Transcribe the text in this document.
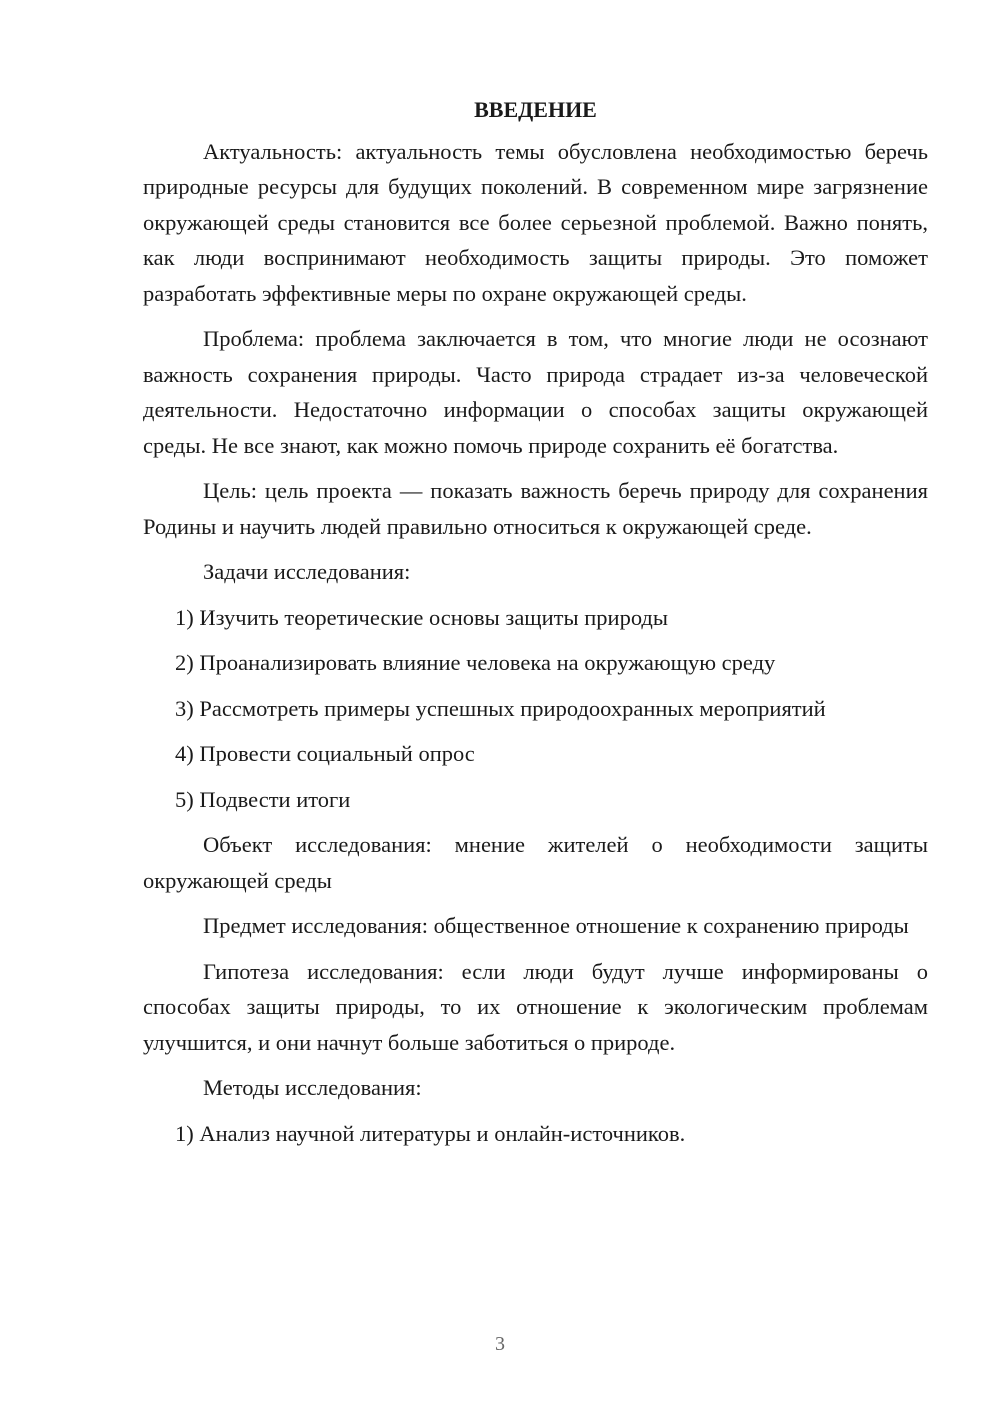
ВВЕДЕНИЕ

Актуальность: актуальность темы обусловлена необходимостью беречь природные ресурсы для будущих поколений. В современном мире загрязнение окружающей среды становится все более серьезной проблемой. Важно понять, как люди воспринимают необходимость защиты природы. Это поможет разработать эффективные меры по охране окружающей среды.

Проблема: проблема заключается в том, что многие люди не осознают важность сохранения природы. Часто природа страдает из-за человеческой деятельности. Недостаточно информации о способах защиты окружающей среды. Не все знают, как можно помочь природе сохранить её богатства.

Цель: цель проекта — показать важность беречь природу для сохранения Родины и научить людей правильно относиться к окружающей среде.

Задачи исследования:

1) Изучить теоретические основы защиты природы
2) Проанализировать влияние человека на окружающую среду
3) Рассмотреть примеры успешных природоохранных мероприятий
4) Провести социальный опрос
5) Подвести итоги

Объект исследования: мнение жителей о необходимости защиты окружающей среды

Предмет исследования: общественное отношение к сохранению природы

Гипотеза исследования: если люди будут лучше информированы о способах защиты природы, то их отношение к экологическим проблемам улучшится, и они начнут больше заботиться о природе.

Методы исследования:

1) Анализ научной литературы и онлайн-источников.
3
